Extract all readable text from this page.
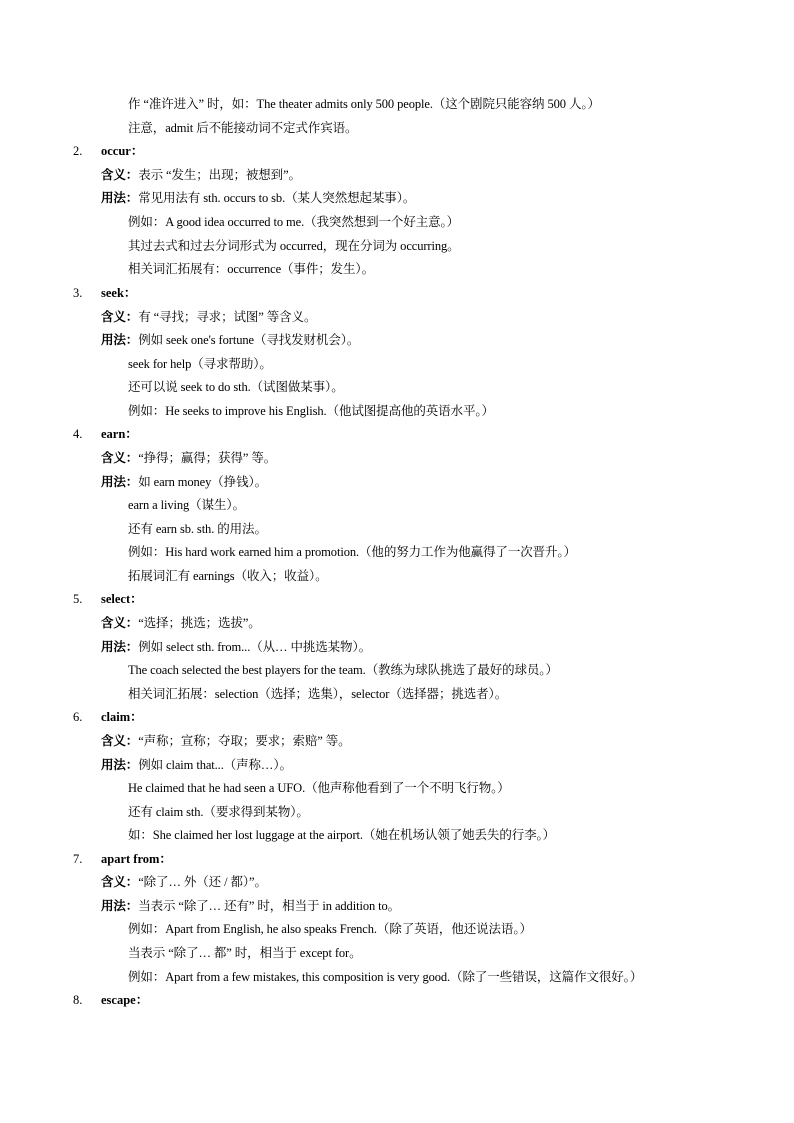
作 “准许进入” 时，如：The theater admits only 500 people.（这个剧院只能容纳 500 人。）
注意，admit 后不能接动词不定式作宾语。
2. occur：
含义：表示 “发生；出现；被想到”。
用法：常见用法有 sth. occurs to sb.（某人突然想起某事）。
例如：A good idea occurred to me.（我突然想到一个好主意。）
其过去式和过去分词形式为 occurred，现在分词为 occurring。
相关词汇拓展有：occurrence（事件；发生）。
3. seek：
含义：有 “寻找；寻求；试图” 等含义。
用法：例如 seek one's fortune（寻找发财机会）。
seek for help（寻求帮助）。
还可以说 seek to do sth.（试图做某事）。
例如：He seeks to improve his English.（他试图提高他的英语水平。）
4. earn：
含义：“挣得；赢得；获得” 等。
用法：如 earn money（挣钱）。
earn a living（谋生）。
还有 earn sb. sth. 的用法。
例如：His hard work earned him a promotion.（他的努力工作为他赢得了一次晋升。）
拓展词汇有 earnings（收入；收益）。
5. select：
含义：“选择；挑选；选拔”。
用法：例如 select sth. from...（从… 中挑选某物）。
The coach selected the best players for the team.（教练为球队挑选了最好的球员。）
相关词汇拓展：selection（选择；选集），selector（选择器；挑选者）。
6. claim：
含义：“声称；宣称；夺取；要求；索赔” 等。
用法：例如 claim that...（声称…）。
He claimed that he had seen a UFO.（他声称他看到了一个不明飞行物。）
还有 claim sth.（要求得到某物）。
如：She claimed her lost luggage at the airport.（她在机场认领了她丢失的行李。）
7. apart from：
含义：“除了… 外（还 / 都）”。
用法：当表示 “除了… 还有” 时，相当于 in addition to。
例如：Apart from English, he also speaks French.（除了英语，他还说法语。）
当表示 “除了… 都” 时，相当于 except for。
例如：Apart from a few mistakes, this composition is very good.（除了一些错误，这篇作文很好。）
8. escape：
